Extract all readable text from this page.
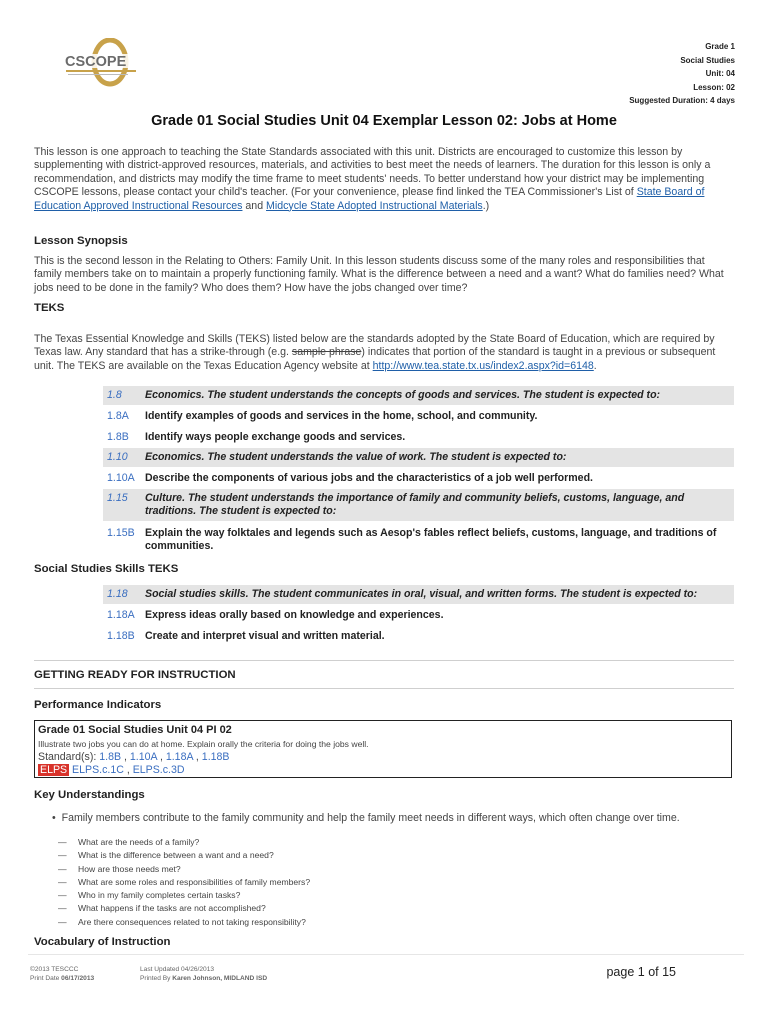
CSCOPE
Grade 1
Social Studies
Unit: 04
Lesson: 02
Suggested Duration: 4 days
Grade 01 Social Studies Unit 04 Exemplar Lesson 02: Jobs at Home
This lesson is one approach to teaching the State Standards associated with this unit. Districts are encouraged to customize this lesson by supplementing with district-approved resources, materials, and activities to best meet the needs of learners. The duration for this lesson is only a recommendation, and districts may modify the time frame to meet students' needs. To better understand how your district may be implementing CSCOPE lessons, please contact your child's teacher. (For your convenience, please find linked the TEA Commissioner's List of State Board of Education Approved Instructional Resources and Midcycle State Adopted Instructional Materials.)
Lesson Synopsis
This is the second lesson in the Relating to Others: Family Unit. In this lesson students discuss some of the many roles and responsibilities that family members take on to maintain a properly functioning family. What is the difference between a need and a want? What do families need? What jobs need to be done in the family? Who does them? How have the jobs changed over time?
TEKS
The Texas Essential Knowledge and Skills (TEKS) listed below are the standards adopted by the State Board of Education, which are required by Texas law. Any standard that has a strike-through (e.g. sample phrase) indicates that portion of the standard is taught in a previous or subsequent unit. The TEKS are available on the Texas Education Agency website at http://www.tea.state.tx.us/index2.aspx?id=6148.
1.8 Economics. The student understands the concepts of goods and services. The student is expected to:
1.8A Identify examples of goods and services in the home, school, and community.
1.8B Identify ways people exchange goods and services.
1.10 Economics. The student understands the value of work. The student is expected to:
1.10A Describe the components of various jobs and the characteristics of a job well performed.
1.15 Culture. The student understands the importance of family and community beliefs, customs, language, and traditions. The student is expected to:
1.15B Explain the way folktales and legends such as Aesop's fables reflect beliefs, customs, language, and traditions of communities.
Social Studies Skills TEKS
1.18 Social studies skills. The student communicates in oral, visual, and written forms. The student is expected to:
1.18A Express ideas orally based on knowledge and experiences.
1.18B Create and interpret visual and written material.
GETTING READY FOR INSTRUCTION
Performance Indicators
Grade 01 Social Studies Unit 04 PI 02
Illustrate two jobs you can do at home. Explain orally the criteria for doing the jobs well.
Standard(s): 1.8B , 1.10A , 1.18A , 1.18B
ELPS ELPS.c.1C , ELPS.c.3D
Key Understandings
•  Family members contribute to the family community and help the family meet needs in different ways, which often change over time.
— What are the needs of a family?
— What is the difference between a want and a need?
— How are those needs met?
— What are some roles and responsibilities of family members?
— Who in my family completes certain tasks?
— What happens if the tasks are not accomplished?
— Are there consequences related to not taking responsibility?
Vocabulary of Instruction
©2013 TESCCC
Print Date 06/17/2013
Last Updated 04/26/2013
Printed By Karen Johnson, MIDLAND ISD	page 1 of 15
